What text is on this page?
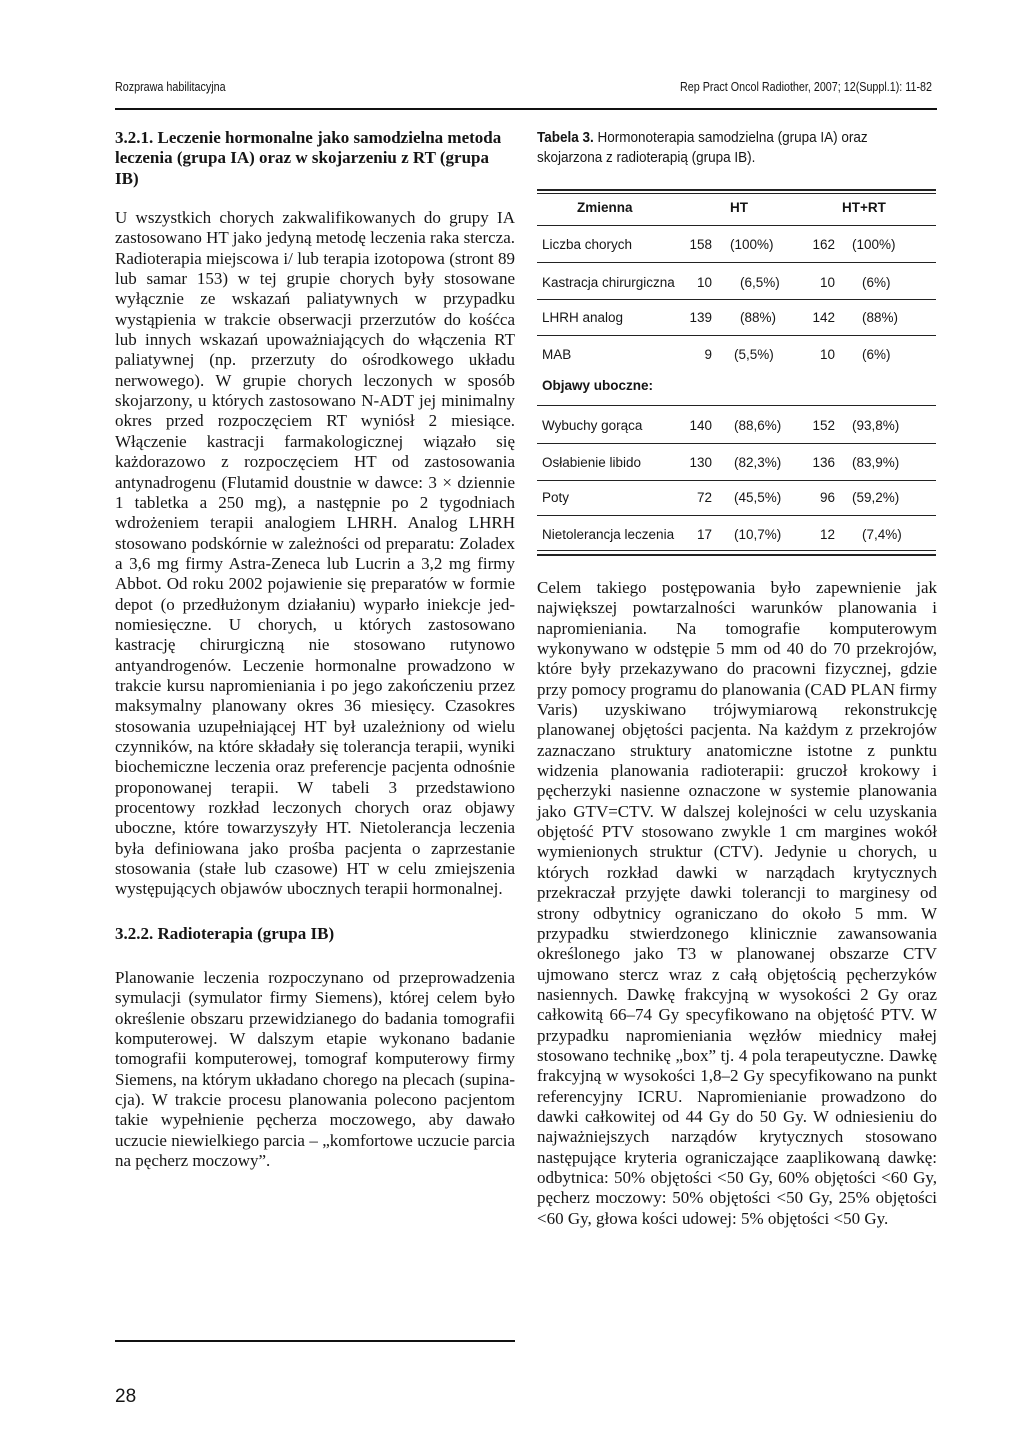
Rozprawa habilitacyjna	Rep Pract Oncol Radiother, 2007; 12(Suppl.1): 11-82

3.2.1. Leczenie hormonalne jako samodzielna metoda leczenia (grupa IA) oraz w skojarzeniu z RT (grupa IB)

U wszystkich chorych zakwalifikowanych do grupy IA zastosowano HT jako jedyną metodę leczenia raka stercza. Radioterapia miejscowa i/ lub terapia izotopowa (stront 89 lub samar 153) w tej grupie chorych były stosowane wyłącznie ze wskazań paliatywnych w przypadku wystąpienia w trakcie obserwacji przerzutów do kośćca lub innych wskazań upoważniających do włączenia RT paliatywnej (np. przerzuty do ośrodkowego układu nerwowego). W grupie chorych leczonych w sposób skojarzony, u których zastosowano N-ADT jej minimalny okres przed rozpoczęciem RT wyniósł 2 miesiące. Włączenie kastracji farmakologicznej wiązało się każdorazowo z rozpoczęciem HT od zastosowania antynadrogenu (Flutamid doustnie w dawce: 3 × dziennie 1 tabletka a 250 mg), a następnie po 2 tygodniach wdrożeniem terapii analogiem LHRH. Analog LHRH stosowano podskórnie w zależności od preparatu: Zoladex a 3,6 mg firmy Astra-Zeneca lub Lucrin a 3,2 mg firmy Abbot. Od roku 2002 pojawienie się preparatów w formie depot (o przedłużonym działaniu) wyparło iniekcje jednomiesięczne. U chorych, u których zastosowano kastrację chirurgiczną nie stosowano rutynowo antyandrogenów. Leczenie hormonalne prowadzono w trakcie kursu napromieniania i po jego zakończeniu przez maksymalny planowany okres 36 miesięcy. Czasokres stosowania uzupełniającej HT był uzależniony od wielu czynników, na które składały się tolerancja terapii, wyniki biochemiczne leczenia oraz preferencje pacjenta odnośnie proponowanej terapii. W tabeli 3 przedstawiono procentowy rozkład leczonych chorych oraz objawy uboczne, które towarzyszyły HT. Nietolerancja leczenia była definiowana jako prośba pacjenta o zaprzestanie stosowania (stałe lub czasowe) HT w celu zmiejszenia występujących objawów ubocznych terapii hormonalnej.

3.2.2. Radioterapia (grupa IB)

Planowanie leczenia rozpoczynano od przeprowadzenia symulacji (symulator firmy Siemens), której celem było określenie obszaru przewidzianego do badania tomografii komputerowej. W dalszym etapie wykonano badanie tomografii komputerowej, tomograf komputerowy firmy Siemens, na którym układano chorego na plecach (supinacja). W trakcie procesu planowania polecono pacjentom takie wypełnienie pęcherza moczowego, aby dawało uczucie niewielkiego parcia – „komfortowe uczucie parcia na pęcherz moczowy”.

28
Tabela 3. Hormonoterapia samodzielna (grupa IA) oraz skojarzona z radioterapią (grupa IB).
Zmienna	HT	HT+RT
Liczba chorych	158 (100%)	162 (100%)
Kastracja chirurgiczna	10 (6,5%)	10 (6%)
LHRH analog	139 (88%)	142 (88%)
MAB	9 (5,5%)	10 (6%)
Objawy uboczne:
Wybuchy gorąca	140 (88,6%)	152 (93,8%)
Osłabienie libido	130 (82,3%)	136 (83,9%)
Poty	72 (45,5%)	96 (59,2%)
Nietolerancja leczenia	17 (10,7%)	12 (7,4%)

Celem takiego postępowania było zapewnienie jak największej powtarzalności warunków planowania i napromieniania. Na tomografie komputerowym wykonywano w odstępie 5 mm od 40 do 70 przekrojów, które były przekazywano do pracowni fizycznej, gdzie przy pomocy programu do planowania (CAD PLAN firmy Varis) uzyskiwano trójwymiarową rekonstrukcję planowanej objętości pacjenta. Na każdym z przekrojów zaznaczano struktury anatomiczne istotne z punktu widzenia planowania radioterapii: gruczoł krokowy i pęcherzyki nasienne oznaczone w systemie planowania jako GTV=CTV. W dalszej kolejności w celu uzyskania objętość PTV stosowano zwykle 1 cm margines wokół wymienionych struktur (CTV). Jedynie u chorych, u których rozkład dawki w narządach krytycznych przekraczał przyjęte dawki tolerancji to marginesy od strony odbytnicy ograniczano do około 5 mm. W przypadku stwierdzonego klinicznie zawansowania określonego jako T3 w planowanej obszarze CTV ujmowano stercz wraz z całą objętością pęcherzyków nasiennych. Dawkę frakcyjną w wysokości 2 Gy oraz całkowitą 66–74 Gy specyfikowano na objętość PTV. W przypadku napromieniania węzłów miednicy małej stosowano technikę „box” tj. 4 pola terapeutyczne. Dawkę frakcyjną w wysokości 1,8–2 Gy specyfikowano na punkt referencyjny ICRU. Napromienianie prowadzono do dawki całkowitej od 44 Gy do 50 Gy. W odniesieniu do najważniejszych narządów krytycznych stosowano następujące kryteria ograniczające zaaplikowaną dawkę: odbytnica: 50% objętości <50 Gy, 60% objętości <60 Gy, pęcherz moczowy: 50% objętości <50 Gy, 25% objętości <60 Gy, głowa kości udowej: 5% objętości <50 Gy.
